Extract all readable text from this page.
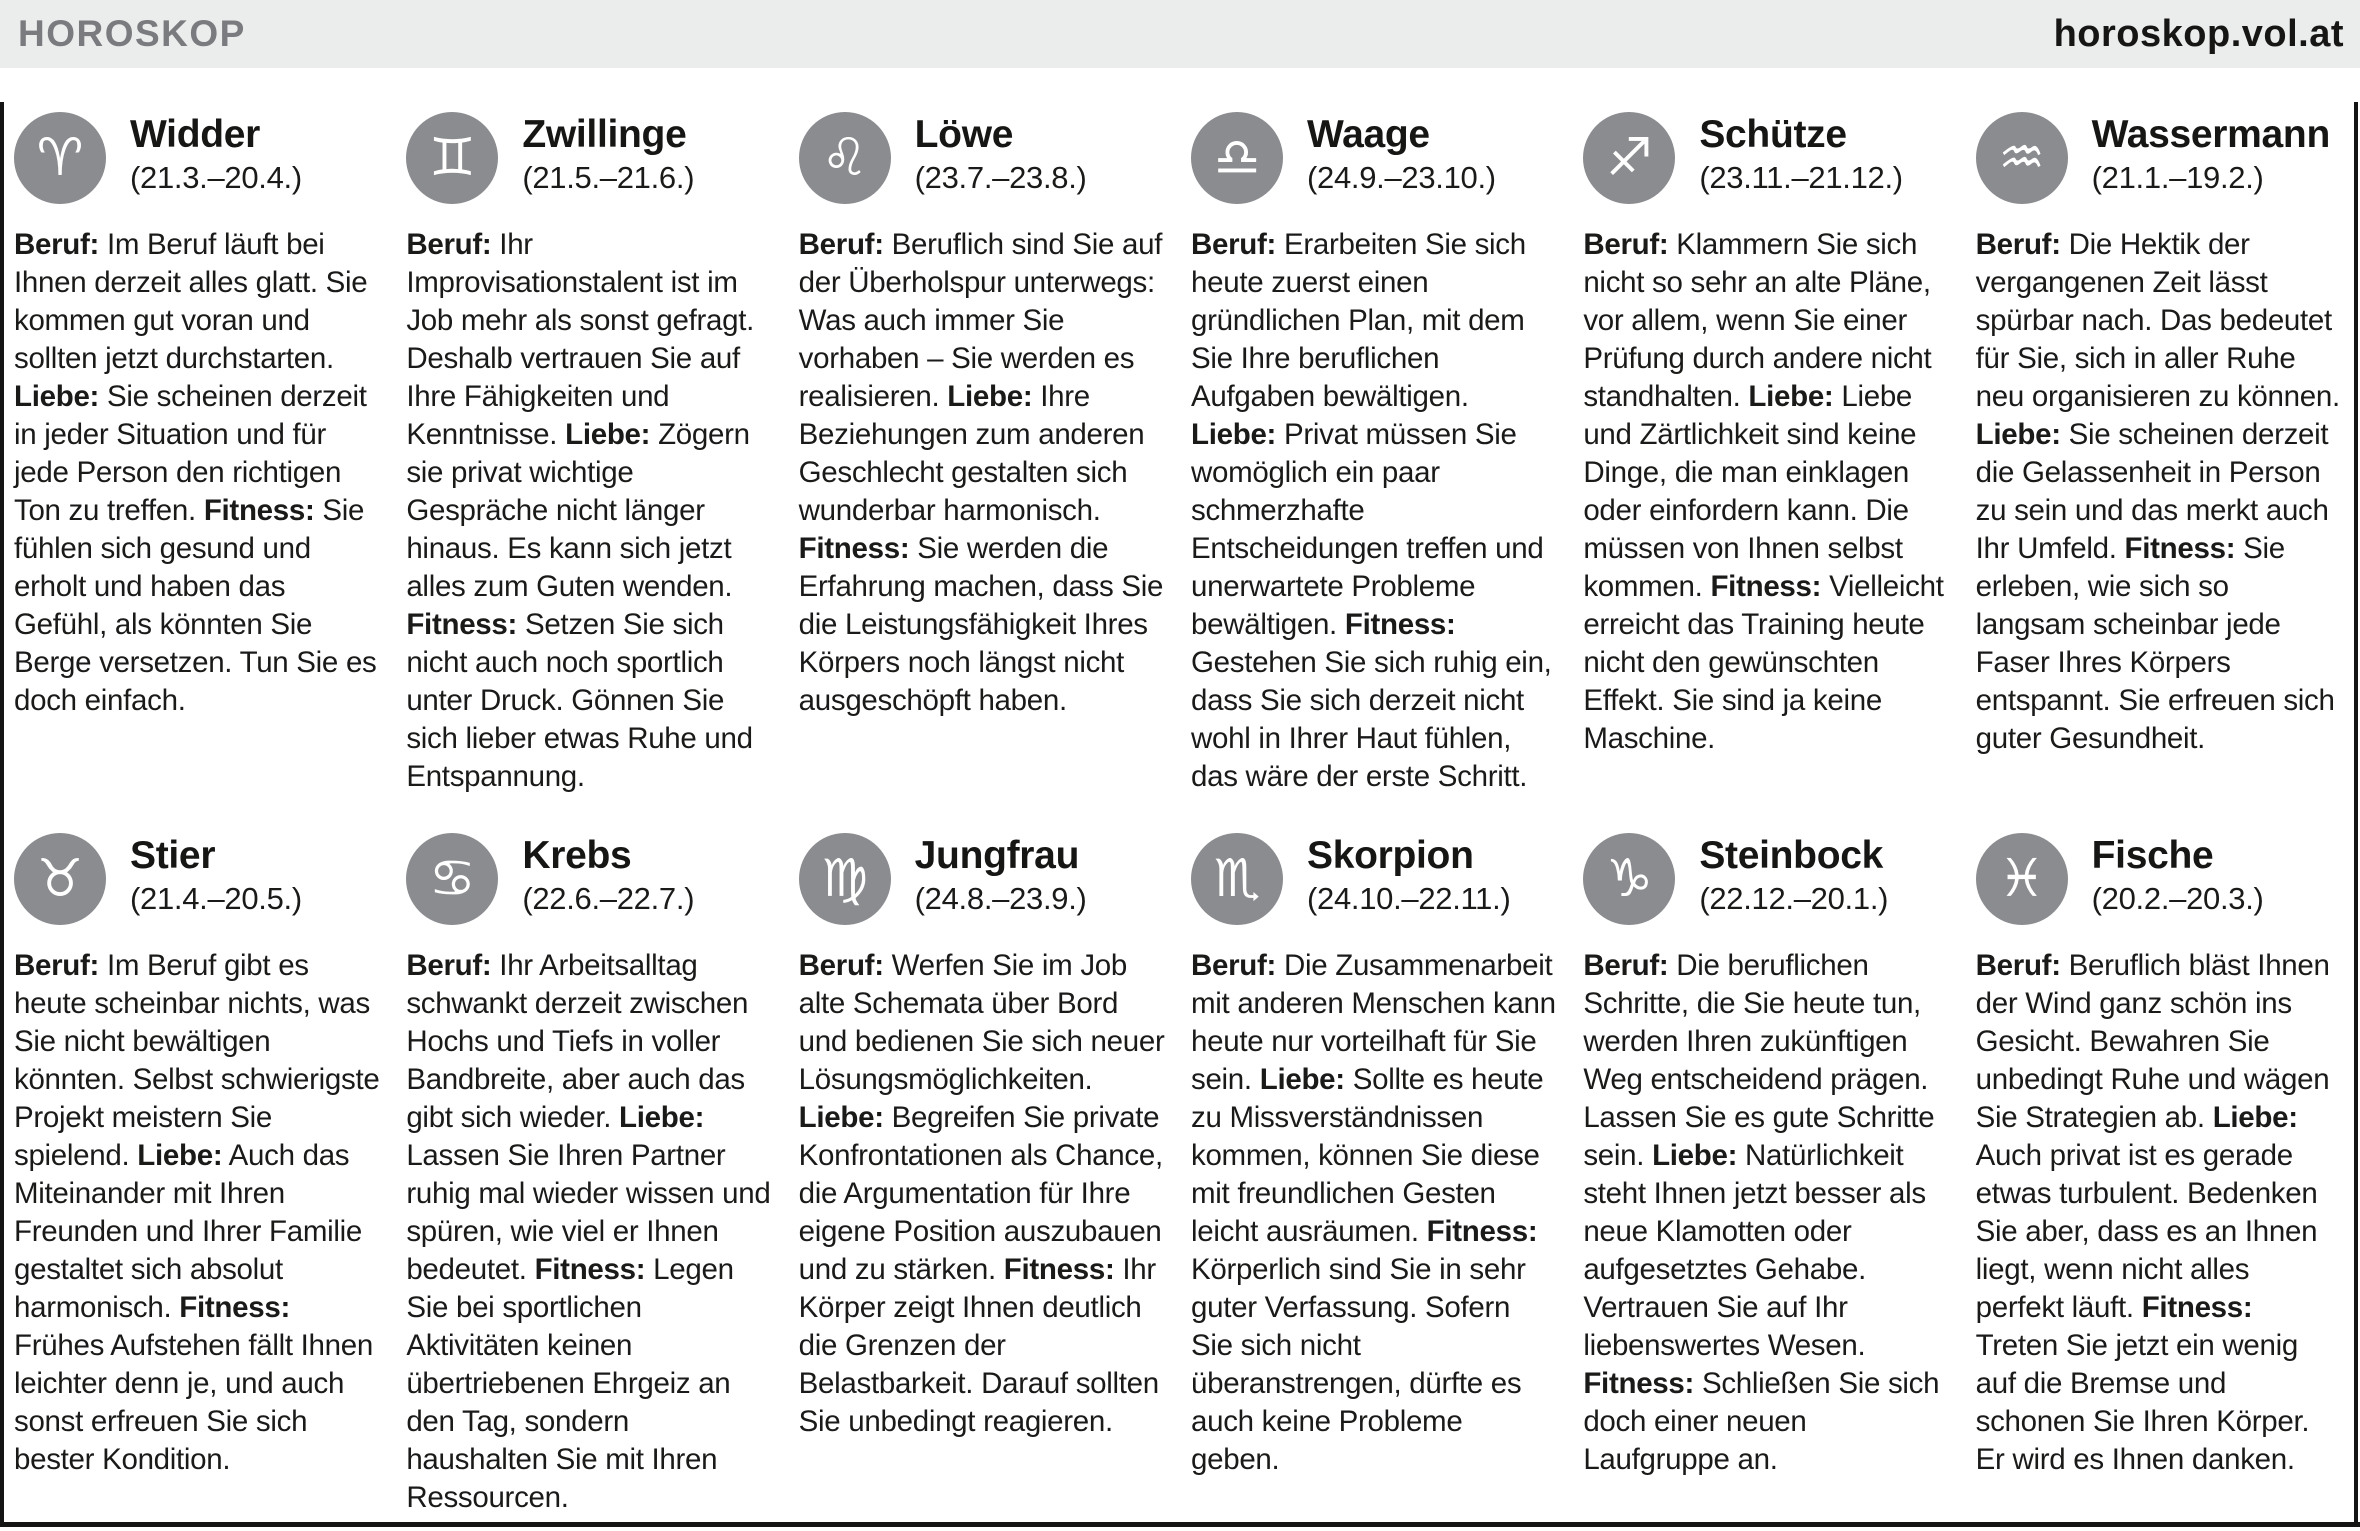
HOROSKOP	horoskop.vol.at
♈ Widder
(21.3.–20.4.)

Beruf: Im Beruf läuft bei Ihnen derzeit alles glatt. Sie kommen gut voran und sollten jetzt durchstarten. Liebe: Sie scheinen derzeit in jeder Situation und für jede Person den richtigen Ton zu treffen. Fitness: Sie fühlen sich gesund und erholt und haben das Gefühl, als könnten Sie Berge versetzen. Tun Sie es doch einfach.

♊ Zwillinge
(21.5.–21.6.)

Beruf: Ihr Improvisationstalent ist im Job mehr als sonst gefragt. Deshalb vertrauen Sie auf Ihre Fähigkeiten und Kenntnisse. Liebe: Zögern sie privat wichtige Gespräche nicht länger hinaus. Es kann sich jetzt alles zum Guten wenden. Fitness: Setzen Sie sich nicht auch noch sportlich unter Druck. Gönnen Sie sich lieber etwas Ruhe und Entspannung.

♌ Löwe
(23.7.–23.8.)

Beruf: Beruflich sind Sie auf der Überholspur unterwegs: Was auch immer Sie vorhaben – Sie werden es realisieren. Liebe: Ihre Beziehungen zum anderen Geschlecht gestalten sich wunderbar harmonisch. Fitness: Sie werden die Erfahrung machen, dass Sie die Leistungsfähigkeit Ihres Körpers noch längst nicht ausgeschöpft haben.

♎ Waage
(24.9.–23.10.)

Beruf: Erarbeiten Sie sich heute zuerst einen gründlichen Plan, mit dem Sie Ihre beruflichen Aufgaben bewältigen. Liebe: Privat müssen Sie womöglich ein paar schmerzhafte Entscheidungen treffen und unerwartete Probleme bewältigen. Fitness: Gestehen Sie sich ruhig ein, dass Sie sich derzeit nicht wohl in Ihrer Haut fühlen, das wäre der erste Schritt.

♐ Schütze
(23.11.–21.12.)

Beruf: Klammern Sie sich nicht so sehr an alte Pläne, vor allem, wenn Sie einer Prüfung durch andere nicht standhalten. Liebe: Liebe und Zärtlichkeit sind keine Dinge, die man einklagen oder einfordern kann. Die müssen von Ihnen selbst kommen. Fitness: Vielleicht erreicht das Training heute nicht den gewünschten Effekt. Sie sind ja keine Maschine.

♒ Wassermann
(21.1.–19.2.)

Beruf: Die Hektik der vergangenen Zeit lässt spürbar nach. Das bedeutet für Sie, sich in aller Ruhe neu organisieren zu können. Liebe: Sie scheinen derzeit die Gelassenheit in Person zu sein und das merkt auch Ihr Umfeld. Fitness: Sie erleben, wie sich so langsam scheinbar jede Faser Ihres Körpers entspannt. Sie erfreuen sich guter Gesundheit.

♉ Stier
(21.4.–20.5.)

Beruf: Im Beruf gibt es heute scheinbar nichts, was Sie nicht bewältigen könnten. Selbst schwierigste Projekt meistern Sie spielend. Liebe: Auch das Miteinander mit Ihren Freunden und Ihrer Familie gestaltet sich absolut harmonisch. Fitness: Frühes Aufstehen fällt Ihnen leichter denn je, und auch sonst erfreuen Sie sich bester Kondition.

♋ Krebs
(22.6.–22.7.)

Beruf: Ihr Arbeitsalltag schwankt derzeit zwischen Hochs und Tiefs in voller Bandbreite, aber auch das gibt sich wieder. Liebe: Lassen Sie Ihren Partner ruhig mal wieder wissen und spüren, wie viel er Ihnen bedeutet. Fitness: Legen Sie bei sportlichen Aktivitäten keinen übertriebenen Ehrgeiz an den Tag, sondern haushalten Sie mit Ihren Ressourcen.

♍ Jungfrau
(24.8.–23.9.)

Beruf: Werfen Sie im Job alte Schemata über Bord und bedienen Sie sich neuer Lösungsmöglichkeiten. Liebe: Begreifen Sie private Konfrontationen als Chance, die Argumentation für Ihre eigene Position auszubauen und zu stärken. Fitness: Ihr Körper zeigt Ihnen deutlich die Grenzen der Belastbarkeit. Darauf sollten Sie unbedingt reagieren.

♏ Skorpion
(24.10.–22.11.)

Beruf: Die Zusammenarbeit mit anderen Menschen kann heute nur vorteilhaft für Sie sein. Liebe: Sollte es heute zu Missverständnissen kommen, können Sie diese mit freundlichen Gesten leicht ausräumen. Fitness: Körperlich sind Sie in sehr guter Verfassung. Sofern Sie sich nicht überanstrengen, dürfte es auch keine Probleme geben.

♑ Steinbock
(22.12.–20.1.)

Beruf: Die beruflichen Schritte, die Sie heute tun, werden Ihren zukünftigen Weg entscheidend prägen. Lassen Sie es gute Schritte sein. Liebe: Natürlichkeit steht Ihnen jetzt besser als neue Klamotten oder aufgesetztes Gehabe. Vertrauen Sie auf Ihr liebenswertes Wesen. Fitness: Schließen Sie sich doch einer neuen Laufgruppe an.

♓ Fische
(20.2.–20.3.)

Beruf: Beruflich bläst Ihnen der Wind ganz schön ins Gesicht. Bewahren Sie unbedingt Ruhe und wägen Sie Strategien ab. Liebe: Auch privat ist es gerade etwas turbulent. Bedenken Sie aber, dass es an Ihnen liegt, wenn nicht alles perfekt läuft. Fitness: Treten Sie jetzt ein wenig auf die Bremse und schonen Sie Ihren Körper. Er wird es Ihnen danken.
